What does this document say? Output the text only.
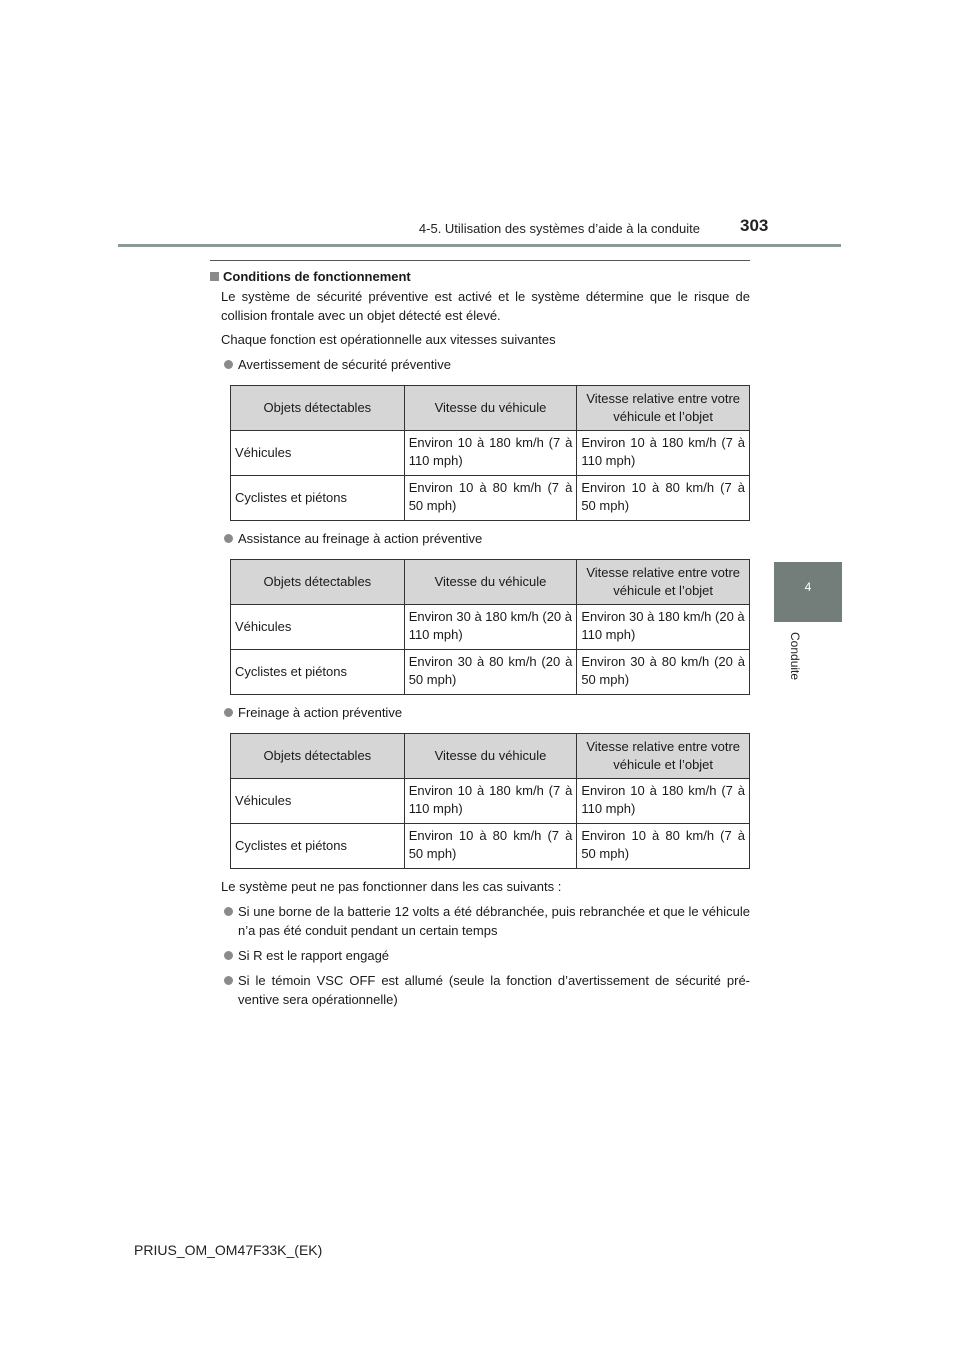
4-5. Utilisation des systèmes d’aide à la conduite 303
4
Conduite
Conditions de fonctionnement
Le système de sécurité préventive est activé et le système détermine que le risque de collision frontale avec un objet détecté est élevé.
Chaque fonction est opérationnelle aux vitesses suivantes
Avertissement de sécurité préventive
Objets détectables	Vitesse du véhicule	Vitesse relative entre votre véhicule et l’objet
Véhicules	Environ 10 à 180 km/h (7 à 110 mph)	Environ 10 à 180 km/h (7 à 110 mph)
Cyclistes et piétons	Environ 10 à 80 km/h (7 à 50 mph)	Environ 10 à 80 km/h (7 à 50 mph)
Assistance au freinage à action préventive
Objets détectables	Vitesse du véhicule	Vitesse relative entre votre véhicule et l’objet
Véhicules	Environ 30 à 180 km/h (20 à 110 mph)	Environ 30 à 180 km/h (20 à 110 mph)
Cyclistes et piétons	Environ 30 à 80 km/h (20 à 50 mph)	Environ 30 à 80 km/h (20 à 50 mph)
Freinage à action préventive
Objets détectables	Vitesse du véhicule	Vitesse relative entre votre véhicule et l’objet
Véhicules	Environ 10 à 180 km/h (7 à 110 mph)	Environ 10 à 180 km/h (7 à 110 mph)
Cyclistes et piétons	Environ 10 à 80 km/h (7 à 50 mph)	Environ 10 à 80 km/h (7 à 50 mph)
Le système peut ne pas fonctionner dans les cas suivants :
Si une borne de la batterie 12 volts a été débranchée, puis rebranchée et que le véhicule n’a pas été conduit pendant un certain temps
Si R est le rapport engagé
Si le témoin VSC OFF est allumé (seule la fonction d’avertissement de sécurité pré-ventive sera opérationnelle)
PRIUS_OM_OM47F33K_(EK)
